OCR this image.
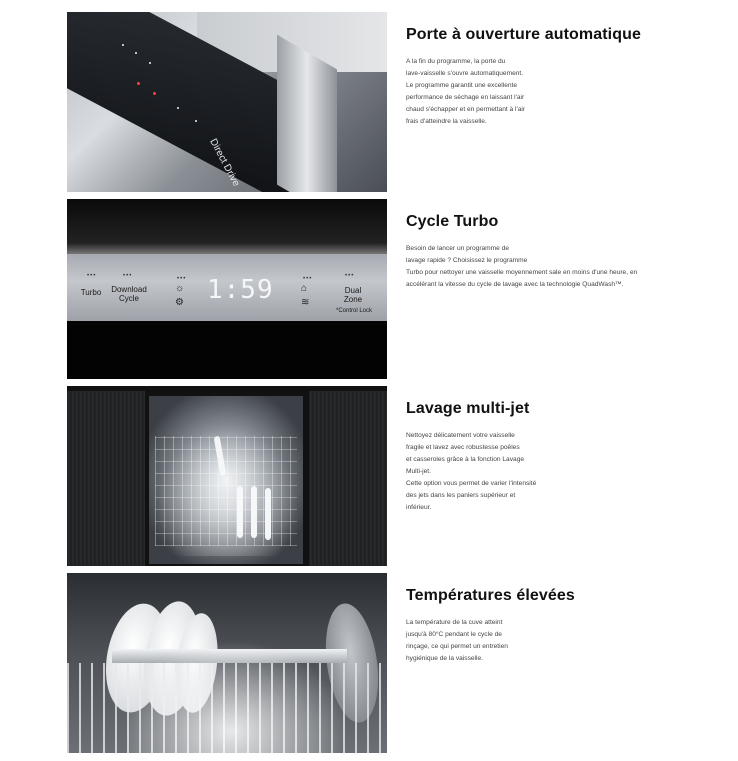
Direct Drive
Porte à ouverture automatique

A la fin du programme, la porte du
lave-vaisselle s'ouvre automatiquement.
Le programme garantit une excellente
performance de séchage en laissant l'air
chaud s'échapper et en permettant à l'air
frais d'atteindre la vaisselle.

•••
Turbo
•••
Download
Cycle
•••
☼
⚙ 1:59	•••
⌂
≋
•••
Dual
Zone
*Control Lock
Cycle Turbo

Besoin de lancer un programme de
lavage rapide ? Choisissez le programme
Turbo pour nettoyer une vaisselle moyennement sale en moins d'une heure, en
accélérant la vitesse du cycle de lavage avec la technologie QuadWash™.

Lavage multi-jet

Nettoyez délicatement votre vaisselle
fragile et lavez avec robustesse poêles
et casseroles grâce à la fonction Lavage
Multi-jet.
Cette option vous permet de varier l'intensité
des jets dans les paniers supérieur et
inférieur.

Températures élevées

La température de la cuve atteint
jusqu'à 80°C pendant le cycle de
rinçage, ce qui permet un entretien
hygiénique de la vaisselle.
